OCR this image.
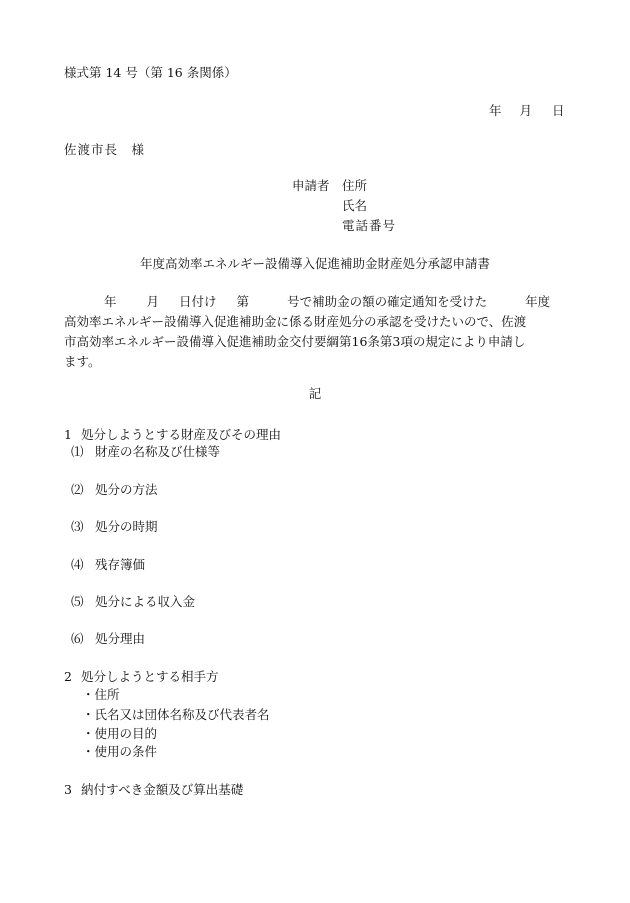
様式第 14 号（第 16 条関係）
年 月 日
佐渡市長　様
申請者 住所
氏名
電話番号
年度高効率エネルギー設備導入促進補助金財産処分承認申請書
年 月 日付け 第	号で補助金の額の確定通知を受けた	年度
高効率エネルギー設備導入促進補助金に係る財産処分の承認を受けたいので、佐渡
市高効率エネルギー設備導入促進補助金交付要綱第16条第3項の規定により申請し
ます。
記
1 処分しようとする財産及びその理由
⑴ 財産の名称及び仕様等
⑵ 処分の方法
⑶ 処分の時期
⑷ 残存簿価
⑸ 処分による収入金
⑹ 処分理由
2 処分しようとする相手方
・住所
・氏名又は団体名称及び代表者名
・使用の目的
・使用の条件
3 納付すべき金額及び算出基礎
